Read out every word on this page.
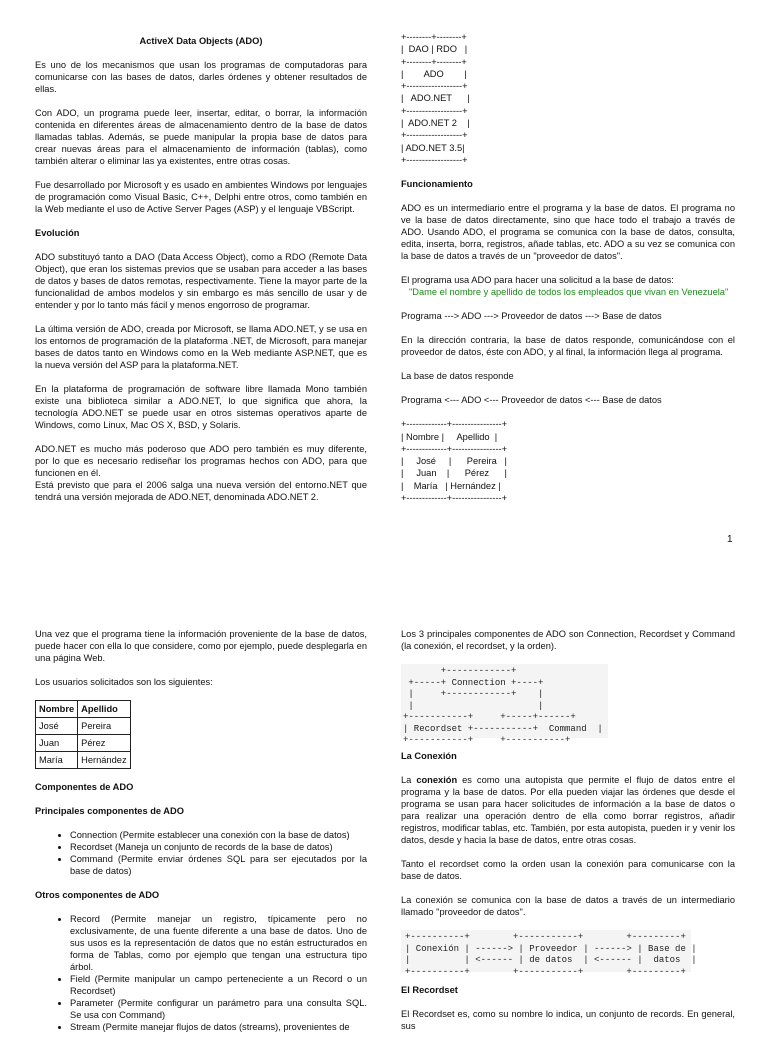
ActiveX Data Objects (ADO)

Es uno de los mecanismos que usan los programas de computadoras para comunicarse con las bases de datos, darles órdenes y obtener resultados de ellas.

Con ADO, un programa puede leer, insertar, editar, o borrar, la información contenida en diferentes áreas de almacenamiento dentro de la base de datos llamadas tablas. Además, se puede manipular la propia base de datos para crear nuevas áreas para el almacenamiento de información (tablas), como también alterar o eliminar las ya existentes, entre otras cosas.

Fue desarrollado por Microsoft y es usado en ambientes Windows por lenguajes de programación como Visual Basic, C++, Delphi entre otros, como también en la Web mediante el uso de Active Server Pages (ASP) y el lenguaje VBScript.

Evolución

ADO substituyó tanto a DAO (Data Access Object), como a RDO (Remote Data Object), que eran los sistemas previos que se usaban para acceder a las bases de datos y bases de datos remotas, respectivamente. Tiene la mayor parte de la funcionalidad de ambos modelos y sin embargo es más sencillo de usar y de entender y por lo tanto más fácil y menos engorroso de programar.

La última versión de ADO, creada por Microsoft, se llama ADO.NET, y se usa en los entornos de programación de la plataforma .NET, de Microsoft, para manejar bases de datos tanto en Windows como en la Web mediante ASP.NET, que es la nueva versión del ASP para la plataforma.NET.

En la plataforma de programación de software libre llamada Mono también existe una biblioteca similar a ADO.NET, lo que significa que ahora, la tecnología ADO.NET se puede usar en otros sistemas operativos aparte de Windows, como Linux, Mac OS X, BSD, y Solaris.

ADO.NET es mucho más poderoso que ADO pero también es muy diferente, por lo que es necesario rediseñar los programas hechos con ADO, para que funcionen en él.

Está previsto que para el 2006 salga una nueva versión del entorno.NET que tendrá una versión mejorada de ADO.NET, denominada ADO.NET 2.

+--------+--------+
|  DAO | RDO   |
+--------+--------+
|        ADO        |
+------------------+
|   ADO.NET      |
+------------------+
|  ADO.NET 2    |
+------------------+
| ADO.NET 3.5|
+------------------+
Funcionamiento

ADO es un intermediario entre el programa y la base de datos. El programa no ve la base de datos directamente, sino que hace todo el trabajo a través de ADO. Usando ADO, el programa se comunica con la base de datos, consulta, edita, inserta, borra, registros, añade tablas, etc. ADO a su vez se comunica con la base de datos a través de un "proveedor de datos".

El programa usa ADO para hacer una solicitud a la base de datos:

"Dame el nombre y apellido de todos los empleados que vivan en Venezuela"

Programa ---> ADO ---> Proveedor de datos ---> Base de datos

En la dirección contraria, la base de datos responde, comunicándose con el proveedor de datos, éste con ADO, y al final, la información llega al programa.

La base de datos responde

Programa <--- ADO <--- Proveedor de datos <--- Base de datos

+-------------+----------------+
| Nombre |     Apellido  |
+-------------+----------------+
|     José     |      Pereira   |
|     Juan    |      Pérez      |
|    María   | Hernández |
+-------------+----------------+
1

Una vez que el programa tiene la información proveniente de la base de datos, puede hacer con ella lo que considere, como por ejemplo, puede desplegarla en una página Web.

Los usuarios solicitados son los siguientes:

Nombre	Apellido
José	Pereira
Juan	Pérez
María	Hernández
Componentes de ADO
Principales componentes de ADO
• Connection (Permite establecer una conexión con la base de datos)
• Recordset (Maneja un conjunto de records de la base de datos)
• Command (Permite enviar órdenes SQL para ser ejecutados por la base de datos)
Otros componentes de ADO
• Record (Permite manejar un registro, típicamente pero no exclusivamente, de una fuente diferente a una base de datos. Uno de sus usos es la representación de datos que no están estructurados en forma de Tablas, como por ejemplo que tengan una estructura tipo árbol.
• Field (Permite manipular un campo perteneciente a un Record o un Recordset)
• Parameter (Permite configurar un parámetro para una consulta SQL. Se usa con Command)
• Stream (Permite manejar flujos de datos (streams), provenientes de

Los 3 principales componentes de ADO son Connection, Recordset y Command (la conexión, el recordset, y la orden).

+------------+
+-----+ Connection +----+
|     +------------+    |
|                       |
+-----------+     +-----+------+
| Recordset +-----------+  Command  |
+-----------+     +-----------+
La Conexión

La conexión es como una autopista que permite el flujo de datos entre el programa y la base de datos. Por ella pueden viajar las órdenes que desde el programa se usan para hacer solicitudes de información a la base de datos o para realizar una operación dentro de ella como borrar registros, añadir registros, modificar tablas, etc. También, por esta autopista, pueden ir y venir los datos, desde y hacia la base de datos, entre otras cosas.

Tanto el recordset como la orden usan la conexión para comunicarse con la base de datos.

La conexión se comunica con la base de datos a través de un intermediario llamado "proveedor de datos".

+----------+        +-----------+        +---------+
| Conexión | ------> | Proveedor | ------> | Base de |
|          | <------ | de datos  | <------ |  datos  |
+----------+        +-----------+        +---------+
El Recordset

El Recordset es, como su nombre lo indica, un conjunto de records. En general, sus
